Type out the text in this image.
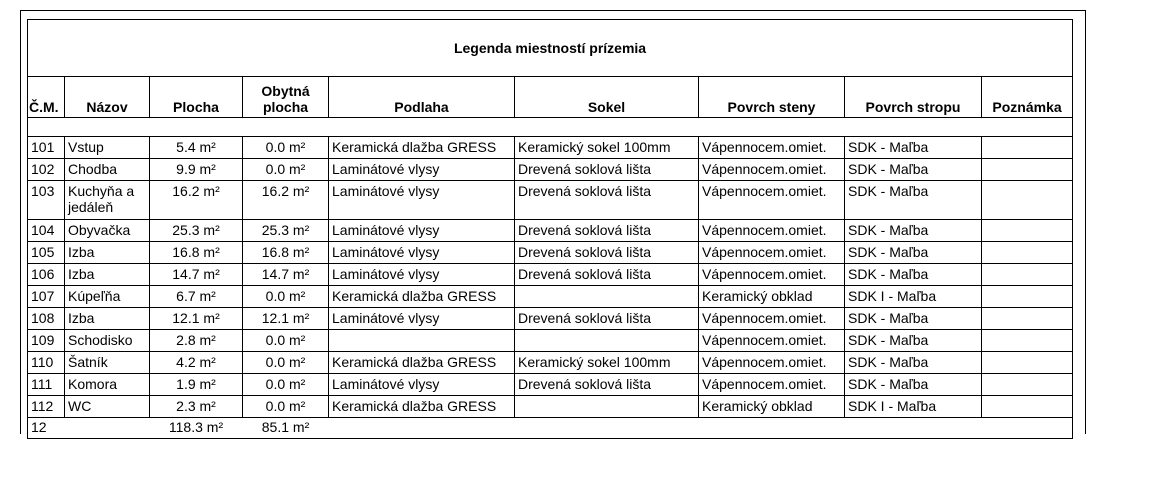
Legenda miestností prízemia								
Č.M.	Názov	Plocha	Obytná plocha	Podlaha	Sokel	Povrch steny	Povrch stropu	Poznámka

101	Vstup	5.4 m²	0.0 m²	Keramická dlažba GRESS	Keramický sokel 100mm	Vápennocem.omiet.	SDK - Maľba	
102	Chodba	9.9 m²	0.0 m²	Laminátové vlysy	Drevená soklová lišta	Vápennocem.omiet.	SDK - Maľba	
103	Kuchyňa a jedáleň	16.2 m²	16.2 m²	Laminátové vlysy	Drevená soklová lišta	Vápennocem.omiet.	SDK - Maľba	
104	Obyvačka	25.3 m²	25.3 m²	Laminátové vlysy	Drevená soklová lišta	Vápennocem.omiet.	SDK - Maľba	
105	Izba	16.8 m²	16.8 m²	Laminátové vlysy	Drevená soklová lišta	Vápennocem.omiet.	SDK - Maľba	
106	Izba	14.7 m²	14.7 m²	Laminátové vlysy	Drevená soklová lišta	Vápennocem.omiet.	SDK - Maľba	
107	Kúpeľňa	6.7 m²	0.0 m²	Keramická dlažba GRESS		Keramický obklad	SDK I - Maľba	
108	Izba	12.1 m²	12.1 m²	Laminátové vlysy	Drevená soklová lišta	Vápennocem.omiet.	SDK - Maľba	
109	Schodisko	2.8 m²	0.0 m²			Vápennocem.omiet.	SDK - Maľba	
110	Šatník	4.2 m²	0.0 m²	Keramická dlažba GRESS	Keramický sokel 100mm	Vápennocem.omiet.	SDK - Maľba	
111	Komora	1.9 m²	0.0 m²	Laminátové vlysy	Drevená soklová lišta	Vápennocem.omiet.	SDK - Maľba	
112	WC	2.3 m²	0.0 m²	Keramická dlažba GRESS		Keramický obklad	SDK I - Maľba	
12		118.3 m²	85.1 m²					
